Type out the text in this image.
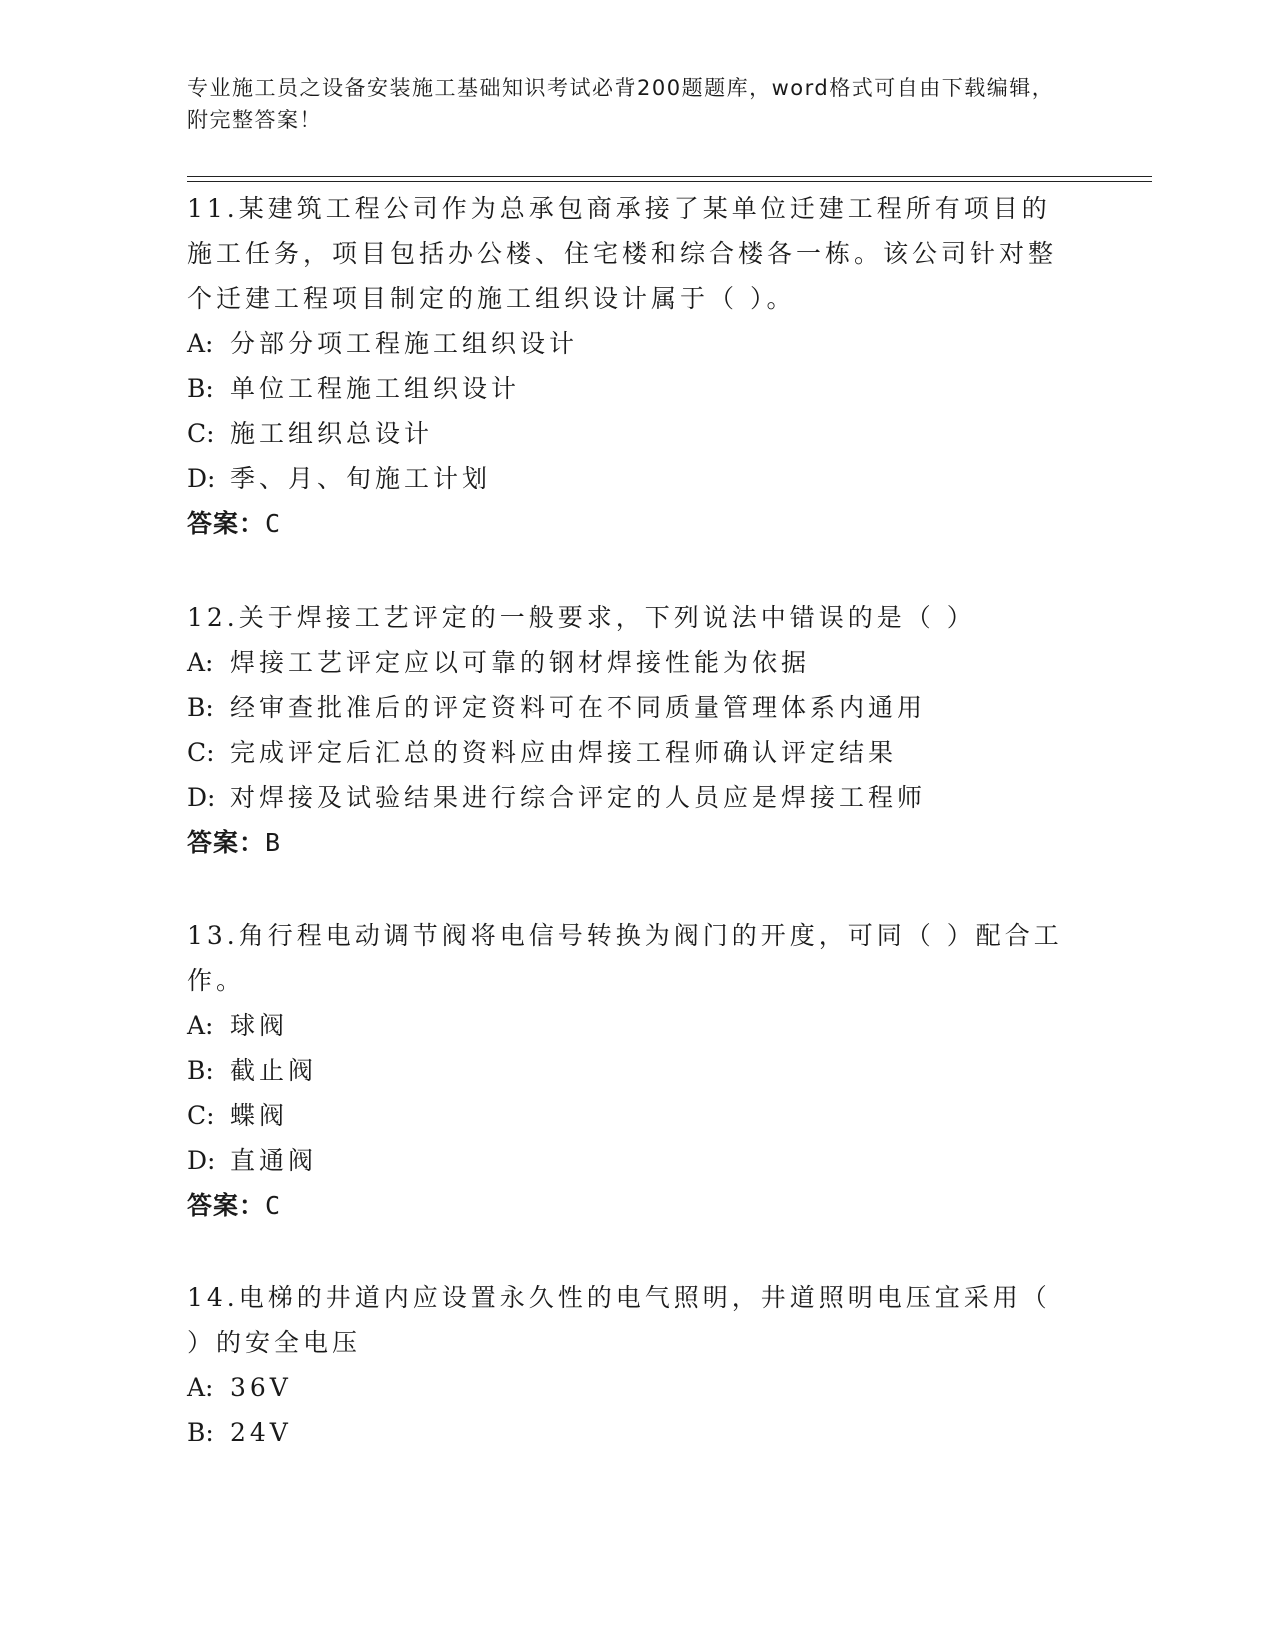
专业施工员之设备安装施工基础知识考试必背200题题库，word格式可自由下载编辑，附完整答案！

11.某建筑工程公司作为总承包商承接了某单位迁建工程所有项目的施工任务，项目包括办公楼、住宅楼和综合楼各一栋。该公司针对整个迁建工程项目制定的施工组织设计属于（ ）。

A: 分部分项工程施工组织设计

B: 单位工程施工组织设计

C: 施工组织总设计

D: 季、月、旬施工计划

答案：C

12.关于焊接工艺评定的一般要求，下列说法中错误的是（ ）

A: 焊接工艺评定应以可靠的钢材焊接性能为依据

B: 经审查批准后的评定资料可在不同质量管理体系内通用

C: 完成评定后汇总的资料应由焊接工程师确认评定结果

D: 对焊接及试验结果进行综合评定的人员应是焊接工程师

答案：B

13.角行程电动调节阀将电信号转换为阀门的开度，可同（ ）配合工作。

A: 球阀

B: 截止阀

C: 蝶阀

D: 直通阀

答案：C

14.电梯的井道内应设置永久性的电气照明，井道照明电压宜采用（ ）的安全电压

A: 36V

B: 24V
